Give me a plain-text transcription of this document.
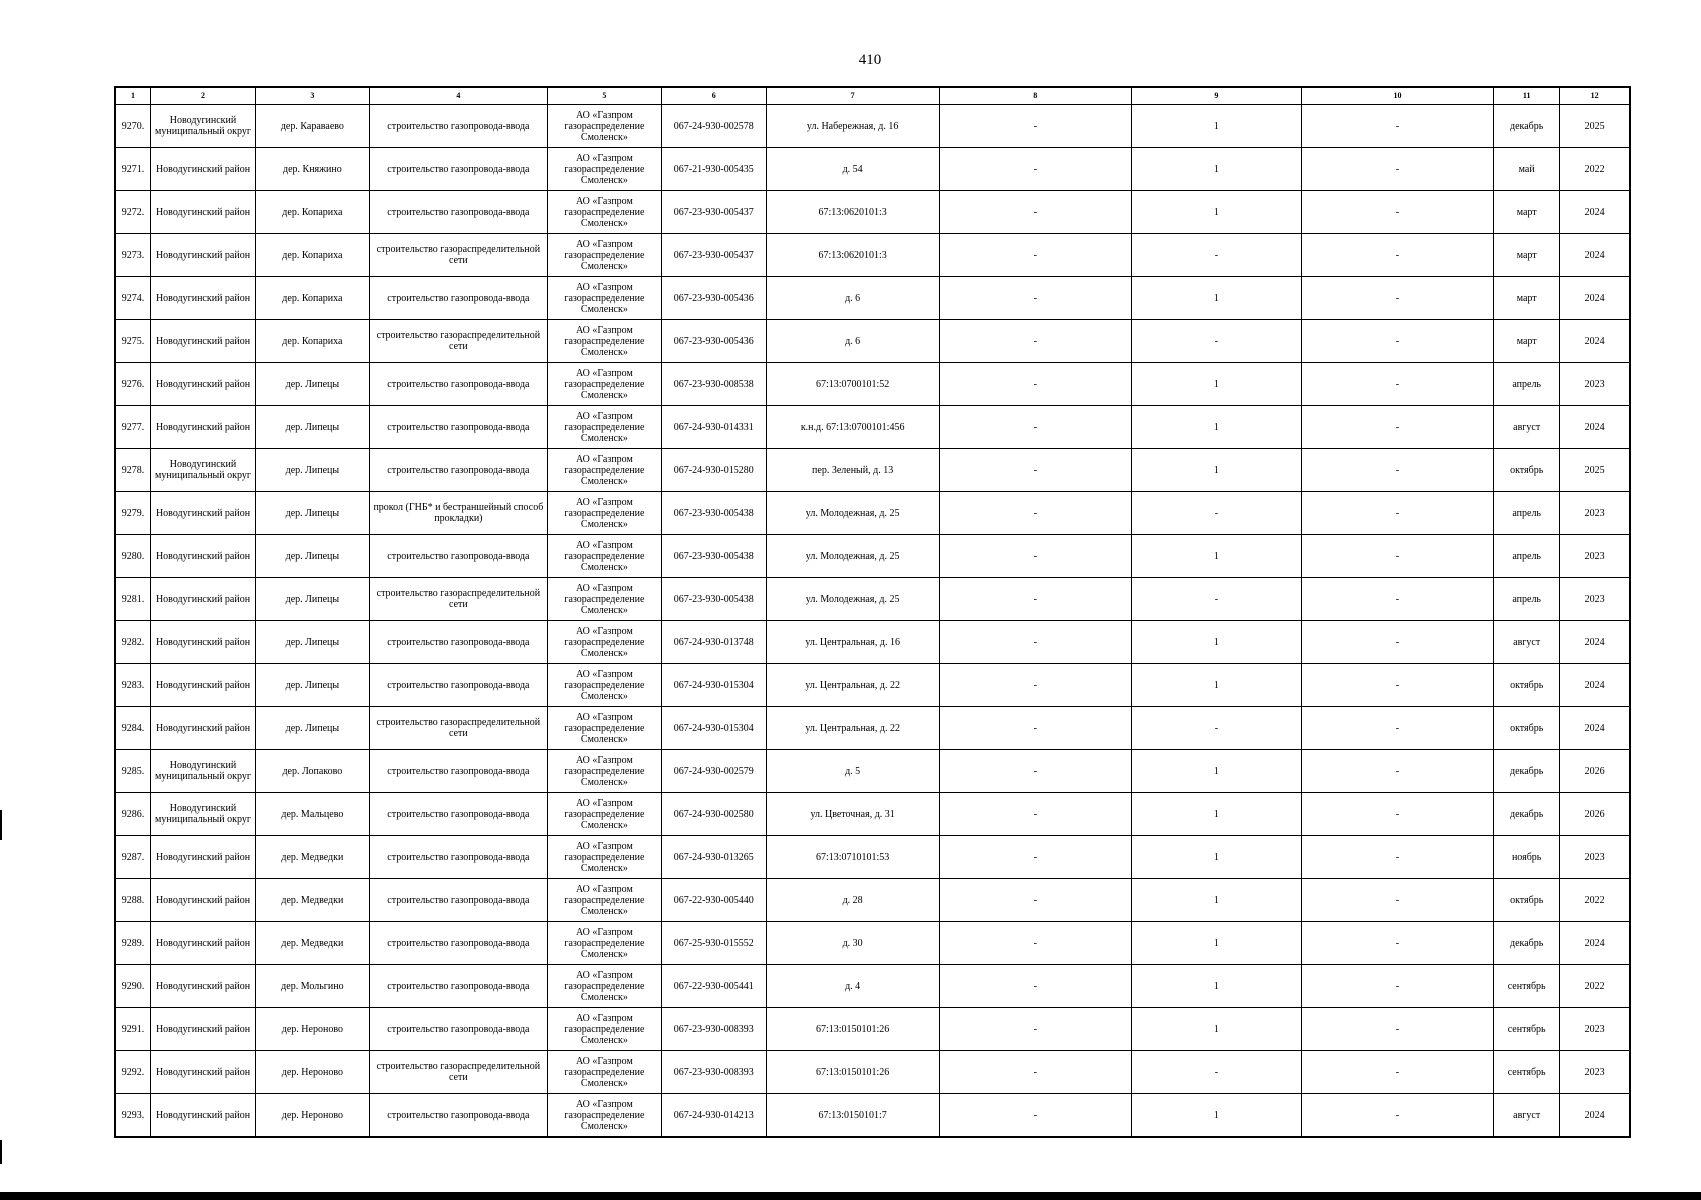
410
1	2	3	4	5	6	7	8	9	10	11	12
9270.	Новодугинский муниципальный округ	дер. Караваево	строительство газопровода-ввода	АО «Газпром газораспределение Смоленск»	067-24-930-002578	ул. Набережная, д. 16	-	1	-	декабрь	2025
9271.	Новодугинский район	дер. Княжино	строительство газопровода-ввода	АО «Газпром газораспределение Смоленск»	067-21-930-005435	д. 54	-	1	-	май	2022
9272.	Новодугинский район	дер. Копариха	строительство газопровода-ввода	АО «Газпром газораспределение Смоленск»	067-23-930-005437	67:13:0620101:3	-	1	-	март	2024
9273.	Новодугинский район	дер. Копариха	строительство газораспределительной сети	АО «Газпром газораспределение Смоленск»	067-23-930-005437	67:13:0620101:3	-	-	-	март	2024
9274.	Новодугинский район	дер. Копариха	строительство газопровода-ввода	АО «Газпром газораспределение Смоленск»	067-23-930-005436	д. 6	-	1	-	март	2024
9275.	Новодугинский район	дер. Копариха	строительство газораспределительной сети	АО «Газпром газораспределение Смоленск»	067-23-930-005436	д. 6	-	-	-	март	2024
9276.	Новодугинский район	дер. Липецы	строительство газопровода-ввода	АО «Газпром газораспределение Смоленск»	067-23-930-008538	67:13:0700101:52	-	1	-	апрель	2023
9277.	Новодугинский район	дер. Липецы	строительство газопровода-ввода	АО «Газпром газораспределение Смоленск»	067-24-930-014331	к.н.д. 67:13:0700101:456	-	1	-	август	2024
9278.	Новодугинский муниципальный округ	дер. Липецы	строительство газопровода-ввода	АО «Газпром газораспределение Смоленск»	067-24-930-015280	пер. Зеленый, д. 13	-	1	-	октябрь	2025
9279.	Новодугинский район	дер. Липецы	прокол (ГНБ* и бестраншейный способ прокладки)	АО «Газпром газораспределение Смоленск»	067-23-930-005438	ул. Молодежная, д. 25	-	-	-	апрель	2023
9280.	Новодугинский район	дер. Липецы	строительство газопровода-ввода	АО «Газпром газораспределение Смоленск»	067-23-930-005438	ул. Молодежная, д. 25	-	1	-	апрель	2023
9281.	Новодугинский район	дер. Липецы	строительство газораспределительной сети	АО «Газпром газораспределение Смоленск»	067-23-930-005438	ул. Молодежная, д. 25	-	-	-	апрель	2023
9282.	Новодугинский район	дер. Липецы	строительство газопровода-ввода	АО «Газпром газораспределение Смоленск»	067-24-930-013748	ул. Центральная, д. 16	-	1	-	август	2024
9283.	Новодугинский район	дер. Липецы	строительство газопровода-ввода	АО «Газпром газораспределение Смоленск»	067-24-930-015304	ул. Центральная, д. 22	-	1	-	октябрь	2024
9284.	Новодугинский район	дер. Липецы	строительство газораспределительной сети	АО «Газпром газораспределение Смоленск»	067-24-930-015304	ул. Центральная, д. 22	-	-	-	октябрь	2024
9285.	Новодугинский муниципальный округ	дер. Лопаково	строительство газопровода-ввода	АО «Газпром газораспределение Смоленск»	067-24-930-002579	д. 5	-	1	-	декабрь	2026
9286.	Новодугинский муниципальный округ	дер. Мальцево	строительство газопровода-ввода	АО «Газпром газораспределение Смоленск»	067-24-930-002580	ул. Цветочная, д. 31	-	1	-	декабрь	2026
9287.	Новодугинский район	дер. Медведки	строительство газопровода-ввода	АО «Газпром газораспределение Смоленск»	067-24-930-013265	67:13:0710101:53	-	1	-	ноябрь	2023
9288.	Новодугинский район	дер. Медведки	строительство газопровода-ввода	АО «Газпром газораспределение Смоленск»	067-22-930-005440	д. 28	-	1	-	октябрь	2022
9289.	Новодугинский район	дер. Медведки	строительство газопровода-ввода	АО «Газпром газораспределение Смоленск»	067-25-930-015552	д. 30	-	1	-	декабрь	2024
9290.	Новодугинский район	дер. Мольгино	строительство газопровода-ввода	АО «Газпром газораспределение Смоленск»	067-22-930-005441	д. 4	-	1	-	сентябрь	2022
9291.	Новодугинский район	дер. Нероново	строительство газопровода-ввода	АО «Газпром газораспределение Смоленск»	067-23-930-008393	67:13:0150101:26	-	1	-	сентябрь	2023
9292.	Новодугинский район	дер. Нероново	строительство газораспределительной сети	АО «Газпром газораспределение Смоленск»	067-23-930-008393	67:13:0150101:26	-	-	-	сентябрь	2023
9293.	Новодугинский район	дер. Нероново	строительство газопровода-ввода	АО «Газпром газораспределение Смоленск»	067-24-930-014213	67:13:0150101:7	-	1	-	август	2024
